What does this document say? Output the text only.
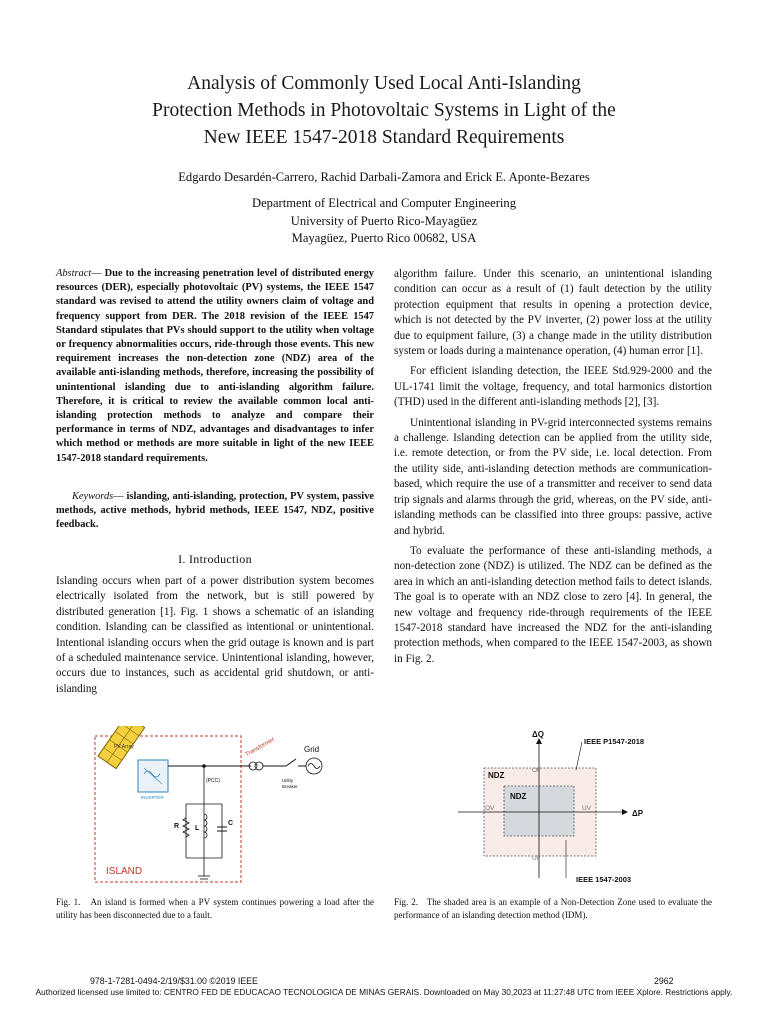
Analysis of Commonly Used Local Anti-Islanding
Protection Methods in Photovoltaic Systems in Light of the
New IEEE 1547-2018 Standard Requirements
Edgardo Desardén-Carrero, Rachid Darbali-Zamora and Erick E. Aponte-Bezares
Department of Electrical and Computer Engineering
University of Puerto Rico-Mayagüez
Mayagüez, Puerto Rico 00682, USA

Abstract— Due to the increasing penetration level of distributed energy resources (DER), especially photovoltaic (PV) systems, the IEEE 1547 standard was revised to attend the utility owners claim of voltage and frequency support from DER. The 2018 revision of the IEEE 1547 Standard stipulates that PVs should support to the utility when voltage or frequency abnormalities occurs, ride-through those events. This new requirement increases the non-detection zone (NDZ) area of the available anti-islanding methods, therefore, increasing the possibility of unintentional islanding due to anti-islanding algorithm failure. Therefore, it is critical to review the available common local anti-islanding protection methods to analyze and compare their performance in terms of NDZ, advantages and disadvantages to infer which method or methods are more suitable in light of the new IEEE 1547-2018 standard requirements.

Keywords— islanding, anti-islanding, protection, PV system, passive methods, active methods, hybrid methods, IEEE 1547, NDZ, positive feedback.

I. Introduction

Islanding occurs when part of a power distribution system becomes electrically isolated from the network, but is still powered by distributed generation [1]. Fig. 1 shows a schematic of an islanding condition. Islanding can be classified as intentional or unintentional. Intentional islanding occurs when the grid outage is known and is part of a scheduled maintenance service. Unintentional islanding, however, occurs due to instances, such as accidental grid shutdown, or anti-islanding

algorithm failure. Under this scenario, an unintentional islanding condition can occur as a result of (1) fault detection by the utility protection equipment that results in opening a protection device, which is not detected by the PV inverter, (2) power loss at the utility due to equipment failure, (3) a change made in the utility distribution system or loads during a maintenance operation, (4) human error [1].

For efficient islanding detection, the IEEE Std.929-2000 and the UL-1741 limit the voltage, frequency, and total harmonics distortion (THD) used in the different anti-islanding methods [2], [3].

Unintentional islanding in PV-grid interconnected systems remains a challenge. Islanding detection can be applied from the utility side, i.e. remote detection, or from the PV side, i.e. local detection. From the utility side, anti-islanding detection methods are communication-based, which require the use of a transmitter and receiver to send data trip signals and alarms through the grid, whereas, on the PV side, anti-islanding methods can be classified into three groups: passive, active and hybrid.

To evaluate the performance of these anti-islanding methods, a non-detection zone (NDZ) is utilized. The NDZ can be defined as the area in which an anti-islanding detection method fails to detect islands. The goal is to operate with an NDZ close to zero [4]. In general, the new voltage and frequency ride-through requirements of the IEEE 1547-2018 standard have increased the NDZ for the anti-islanding protection methods, when compared to the IEEE 1547-2003, as shown in Fig. 2.

PV Array
INVERTER
(PCC)
R L
C
ISLAND
Transformer
Utility
Breaker
Grid
ΔQ
ΔP
IEEE P1547-2018
IEEE 1547-2003
NDZ
NDZ
OF
UF
OV	UV
Fig. 1. An island is formed when a PV system continues powering a load after the utility has been disconnected due to a fault.
Fig. 2. The shaded area is an example of a Non-Detection Zone used to evaluate the performance of an islanding detection method (IDM).
978-1-7281-0494-2/19/$31.00 ©2019 IEEE	2962
Authorized licensed use limited to: CENTRO FED DE EDUCACAO TECNOLOGICA DE MINAS GERAIS. Downloaded on May 30,2023 at 11:27:48 UTC from IEEE Xplore. Restrictions apply.
